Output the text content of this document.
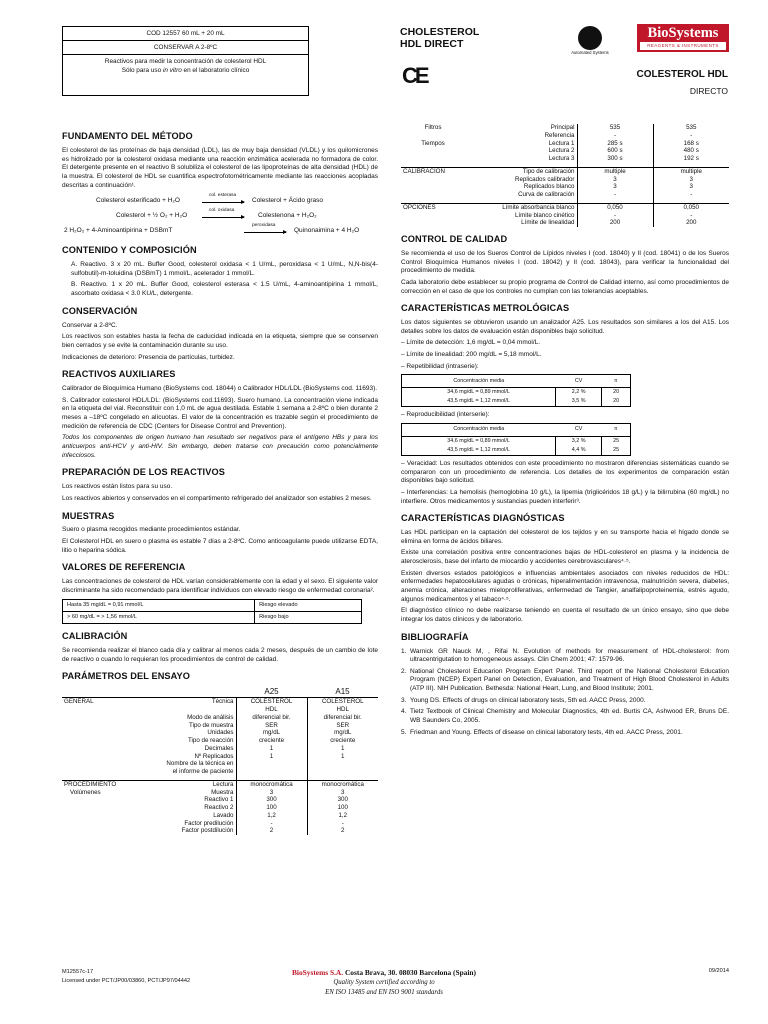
COD 12557 60 mL + 20 mL
CONSERVAR A 2-8ºC
Reactivos para medir la concentración de colesterol HDL
Sólo para uso in vitro en el laboratorio clínico
CHOLESTEROL
HDL DIRECT
CE
Automated Systems
BioSystems
REAGENTS & INSTRUMENTS
COLESTEROL HDL
DIRECTO
FUNDAMENTO DEL MÉTODO
El colesterol de las proteínas de baja densidad (LDL), las de muy baja densidad (VLDL) y los quilomicrones es hidrolizado por la colesterol oxidasa mediante una reacción enzimática acelerada no formadora de color. El detergente presente en el reactivo B solubiliza el colesterol de las lipoproteínas de alta densidad (HDL) de la muestra. El colesterol de HDL se cuantifica espectrofotométricamente mediante las reacciones acopladas descritas a continuación¹.
Colesterol esterificado + H₂O
col. esterasa
Colesterol + Ácido graso
Colesterol + ½ O₂ + H₂O
col. oxidasa
Colestenona + H₂O₂
2 H₂O₂ + 4-Aminoantipirina + DSBmT
peroxidasa
Quinonaimina + 4 H₂O
CONTENIDO Y COMPOSICIÓN
A. Reactivo. 3 x 20 mL. Buffer Good, colesterol oxidasa < 1 U/mL, peroxidasa < 1 U/mL, N,N-bis(4-sulfobutil)-m-toluidina (DSBmT) 1 mmol/L, acelerador 1 mmol/L.
B. Reactivo. 1 x 20 mL. Buffer Good, colesterol esterasa < 1.5 U/mL, 4-aminoantipirina 1 mmol/L, ascorbato oxidasa < 3.0 KU/L, detergente.
CONSERVACIÓN
Conservar a 2-8ºC.
Los reactivos son estables hasta la fecha de caducidad indicada en la etiqueta, siempre que se conserven bien cerrados y se evite la contaminación durante su uso.
Indicaciones de deterioro: Presencia de partículas, turbidez.
REACTIVOS AUXILIARES
Calibrador de Bioquímica Humano (BioSystems cod. 18044) o Calibrador HDL/LDL (BioSystems cod. 11693).
S. Calibrador colesterol HDL/LDL: (BioSystems cod.11693). Suero humano. La concentración viene indicada en la etiqueta del vial. Reconstituir con 1,0 mL de agua destilada. Estable 1 semana a 2-8ºC o bien durante 2 meses a –18ºC congelado en alícuotas. El valor de la concentración es trazable según el procedimiento de medición de referencia de CDC (Centers for Disease Control and Prevention).
Todos los componentes de origen humano han resultado ser negativos para el antígeno HBs y para los anticuerpos anti-HCV y anti-HIV. Sin embargo, deben tratarse con precaución como potencialmente infecciosos.
PREPARACIÓN DE LOS REACTIVOS
Los reactivos están listos para su uso.
Los reactivos abiertos y conservados en el compartimento refrigerado del analizador son estables 2 meses.
MUESTRAS
Suero o plasma recogidos mediante procedimientos estándar.
El Colesterol HDL en suero o plasma es estable 7 días a 2-8ºC. Como anticoagulante puede utilizarse EDTA, litio o heparina sódica.
VALORES DE REFERENCIA
Las concentraciones de colesterol de HDL varían considerablemente con la edad y el sexo. El siguiente valor discriminante ha sido recomendado para identificar individuos con elevado riesgo de enfermedad coronaria².
Hasta 35 mg/dL = 0,91 mmol/L	Riesgo elevado
> 60 mg/dL = > 1,56 mmol/L	Riesgo bajo
CALIBRACIÓN
Se recomienda realizar el blanco cada día y calibrar al menos cada 2 meses, después de un cambio de lote de reactivo o cuando lo requieran los procedimientos de control de calidad.
PARÁMETROS DEL ENSAYO
		A25	A15
GENERAL	Técnica	COLESTEROL	COLESTEROL
		HDL	HDL
	Modo de análisis	diferencial bir.	diferencial bir.
	Tipo de muestra	SER	SER
	Unidades	mg/dL	mg/dL
	Tipo de reacción	creciente	creciente
	Decimales	1	1
	Nº Replicados	1	1
	Nombre de la técnica en		
	el informe de paciente		
PROCEDIMIENTO	Lectura	monocromática	monocromática
Volúmenes	Muestra	3	3
	Reactivo 1	300	300
	Reactivo 2	100	100
	Lavado	1,2	1,2
	Factor predilución	-	-
	Factor postdilución	2	2
Filtros	Principal	535	535
	Referencia	-	-
Tiempos	Lectura 1	285 s	168 s
	Lectura 2	600 s	480 s
	Lectura 3	300 s	192 s
CALIBRACIÓN	Tipo de calibración	multiple	multiple
	Replicados calibrador	3	3
	Replicados blanco	3	3
	Curva de calibración	-	-
OPCIONES	Límite absorbancia blanco	0,050	0,050
	Límite blanco cinético	-	-
	Límite de linealidad	200	200
CONTROL DE CALIDAD
Se recomienda el uso de los Sueros Control de Lípidos niveles I (cod. 18040) y II (cod. 18041) o de los Sueros Control Bioquímica Humanos niveles I (cod. 18042) y II (cod. 18043), para verificar la funcionalidad del procedimiento de medida.
Cada laboratorio debe establecer su propio programa de Control de Calidad interno, así como procedimientos de corrección en el caso de que los controles no cumplan con las tolerancias aceptables.
CARACTERÍSTICAS METROLÓGICAS
Los datos siguientes se obtuvieron usando un analizador A25. Los resultados son similares a los del A15. Los detalles sobre los datos de evaluación están disponibles bajo solicitud.
– Límite de detección: 1,6 mg/dL = 0,04 mmol/L.
– Límite de linealidad: 200 mg/dL = 5,18 mmol/L.
– Repetibilidad (intraserie):
Concentración media	CV	n
34,6 mg/dL = 0,89 mmol/L	2,2 %	20
43,5 mg/dL = 1,12 mmol/L	3,5 %	20
– Reproducibilidad (interserie):
Concentración media	CV	n
34,6 mg/dL = 0,89 mmol/L	3,2 %	25
43,5 mg/dL = 1,12 mmol/L	4,4 %	25
– Veracidad: Los resultados obtenidos con este procedimiento no mostraron diferencias sistemáticas cuando se compararon con un procedimiento de referencia. Los detalles de los experimentos de comparación están disponibles bajo solicitud.
– Interferencias: La hemolisis (hemoglobina 10 g/L), la lipemia (triglicéridos 18 g/L) y la bilirrubina (60 mg/dL) no interfiere. Otros medicamentos y sustancias pueden interferir³.
CARACTERÍSTICAS DIAGNÓSTICAS
Las HDL participan en la captación del colesterol de los tejidos y en su transporte hacia el hígado donde se elimina en forma de ácidos biliares.
Existe una correlación positiva entre concentraciones bajas de HDL-colesterol en plasma y la incidencia de aterosclerosis, base del infarto de miocardio y accidentes cerebrovasculares⁴·⁵.
Existen diversos estados patológicos e influencias ambientales asociados con niveles reducidos de HDL: enfermedades hepatocelulares agudas o crónicas, hiperalimentación intravenosa, malnutrición severa, diabetes, anemia crónica, alteraciones mieloproliferativas, enfermedad de Tangier, analfalipoproteinemia, estrés agudo, algunos medicamentos y el tabaco⁴·⁵.
El diagnóstico clínico no debe realizarse teniendo en cuenta el resultado de un único ensayo, sino que debe integrar los datos clínicos y de laboratorio.
BIBLIOGRAFÍA
1. Warnick GR Nauck M, , Rifai N. Evolution of methods for measurement of HDL-cholesterol: from ultracentrigutation to homogeneous assays. Clin Chem 2001; 47: 1579-96.
2. National Cholesterol Educarion Program Expert Panel. Third report of the National Cholesterol Education Program (NCEP) Expert Panel on Detection, Evaluation, and Treatment of High Blood Cholesterol in Adults (ATP III). NIH Publication. Bethesda: National Heart, Lung, and Blood Institute; 2001.
3. Young DS. Effects of drugs on clinical laboratory tests, 5th ed. AACC Press, 2000.
4. Tietz Textbook of Clinical Chemistry and Molecular Diagnostics, 4th ed. Burtis CA, Ashwood ER, Bruns DE. WB Saunders Co, 2005.
5. Friedman and Young. Effects of disease on clinical laboratory tests, 4th ed. AACC Press, 2001.
M12557c-17
Licensed under PCT/JP00/03860, PCT/JP97/04442
BioSystems S.A. Costa Brava, 30. 08030 Barcelona (Spain)
Quality System certified according to
EN ISO 13485 and EN ISO 9001 standards
09/2014
